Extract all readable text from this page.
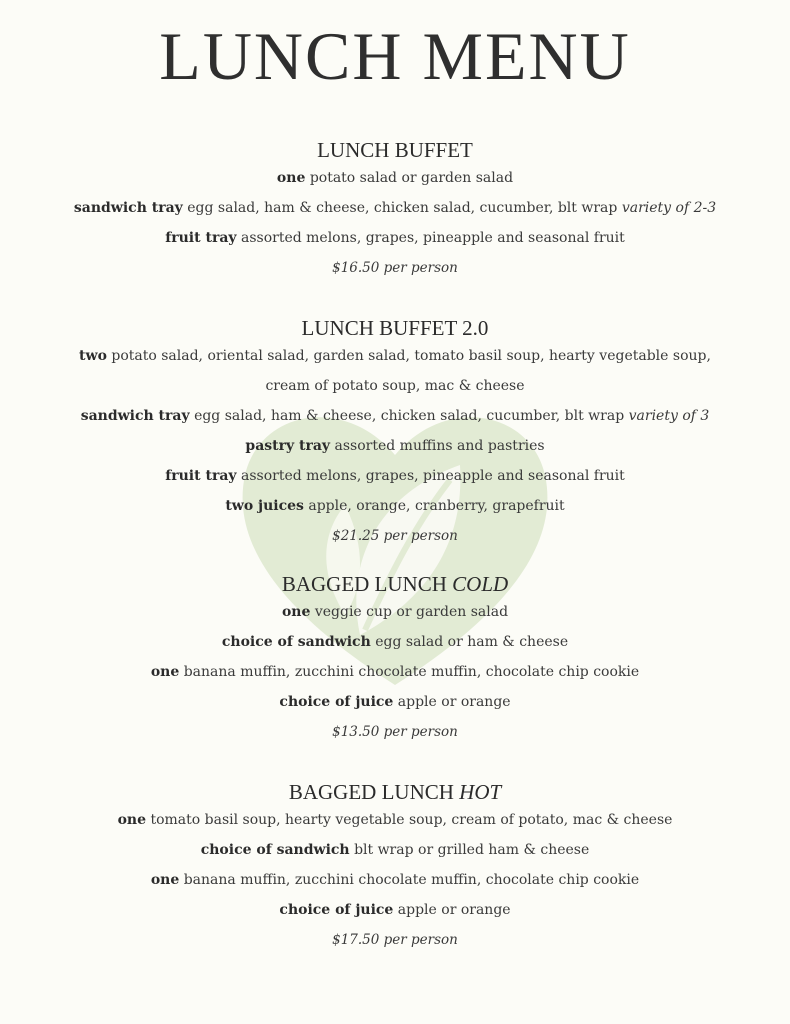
LUNCH MENU
LUNCH BUFFET
one potato salad or garden salad
sandwich tray egg salad, ham & cheese, chicken salad, cucumber, blt wrap variety of 2-3
fruit tray assorted melons, grapes, pineapple and seasonal fruit
$16.50 per person
LUNCH BUFFET 2.0
two potato salad, oriental salad, garden salad, tomato basil soup, hearty vegetable soup,
cream of potato soup, mac & cheese
sandwich tray egg salad, ham & cheese, chicken salad, cucumber, blt wrap variety of 3
pastry tray assorted muffins and pastries
fruit tray assorted melons, grapes, pineapple and seasonal fruit
two juices apple, orange, cranberry, grapefruit
$21.25 per person
BAGGED LUNCH COLD
one veggie cup or garden salad
choice of sandwich egg salad or ham & cheese
one banana muffin, zucchini chocolate muffin, chocolate chip cookie
choice of juice apple or orange
$13.50 per person
BAGGED LUNCH HOT
one tomato basil soup, hearty vegetable soup, cream of potato, mac & cheese
choice of sandwich blt wrap or grilled ham & cheese
one banana muffin, zucchini chocolate muffin, chocolate chip cookie
choice of juice apple or orange
$17.50 per person
